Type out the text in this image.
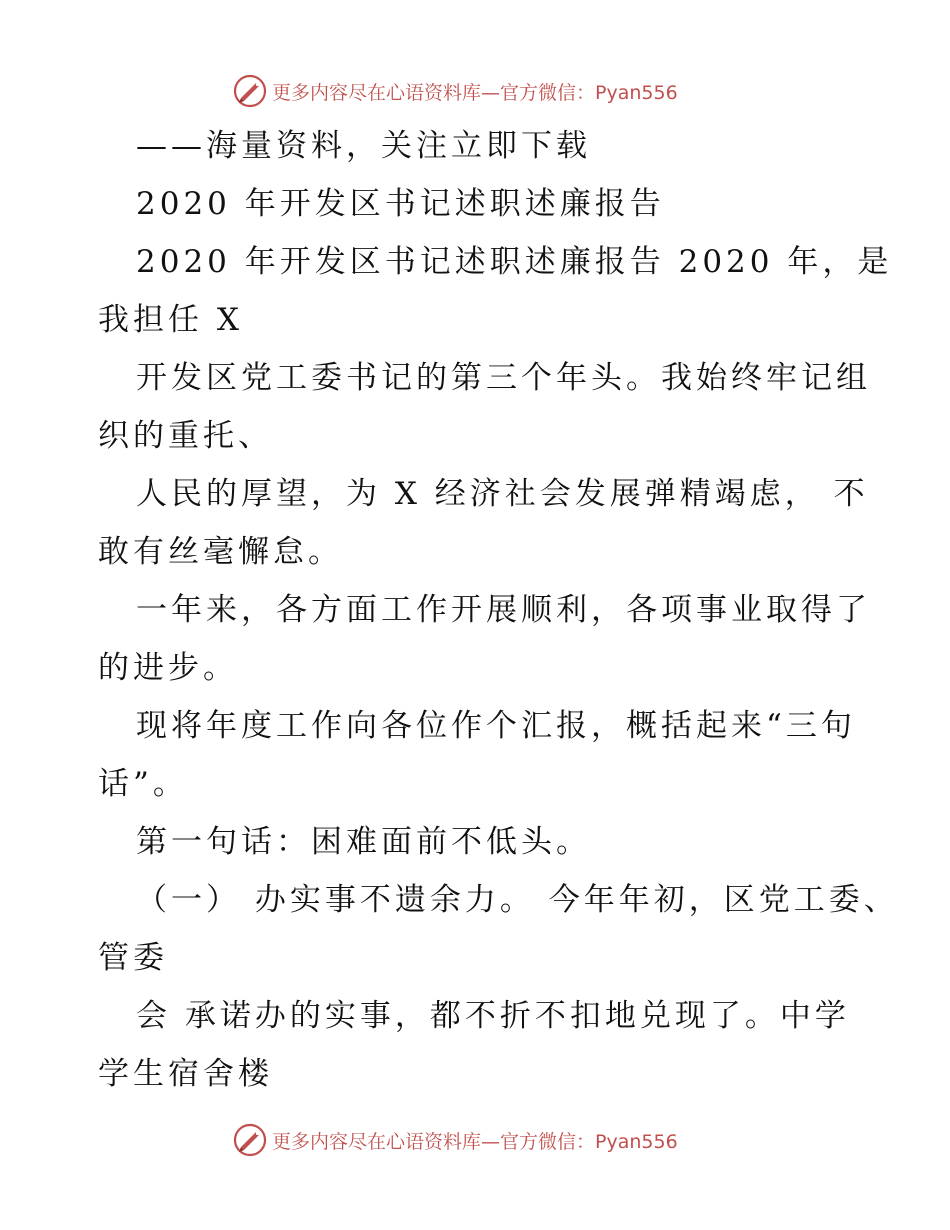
更多内容尽在心语资料库—官方微信：Pyan556
——海量资料，关注立即下载
2020 年开发区书记述职述廉报告
2020 年开发区书记述职述廉报告 2020 年，是
我担任 X
开发区党工委书记的第三个年头。我始终牢记组
织的重托、
人民的厚望，为 X 经济社会发展弹精竭虑， 不
敢有丝毫懈怠。
一年来，各方面工作开展顺利，各项事业取得了
的进步。
现将年度工作向各位作个汇报，概括起来“三句
话”。
第一句话：困难面前不低头。
（一） 办实事不遗余力。 今年年初，区党工委、
管委
会 承诺办的实事，都不折不扣地兑现了。中学
学生宿舍楼
更多内容尽在心语资料库—官方微信：Pyan556
